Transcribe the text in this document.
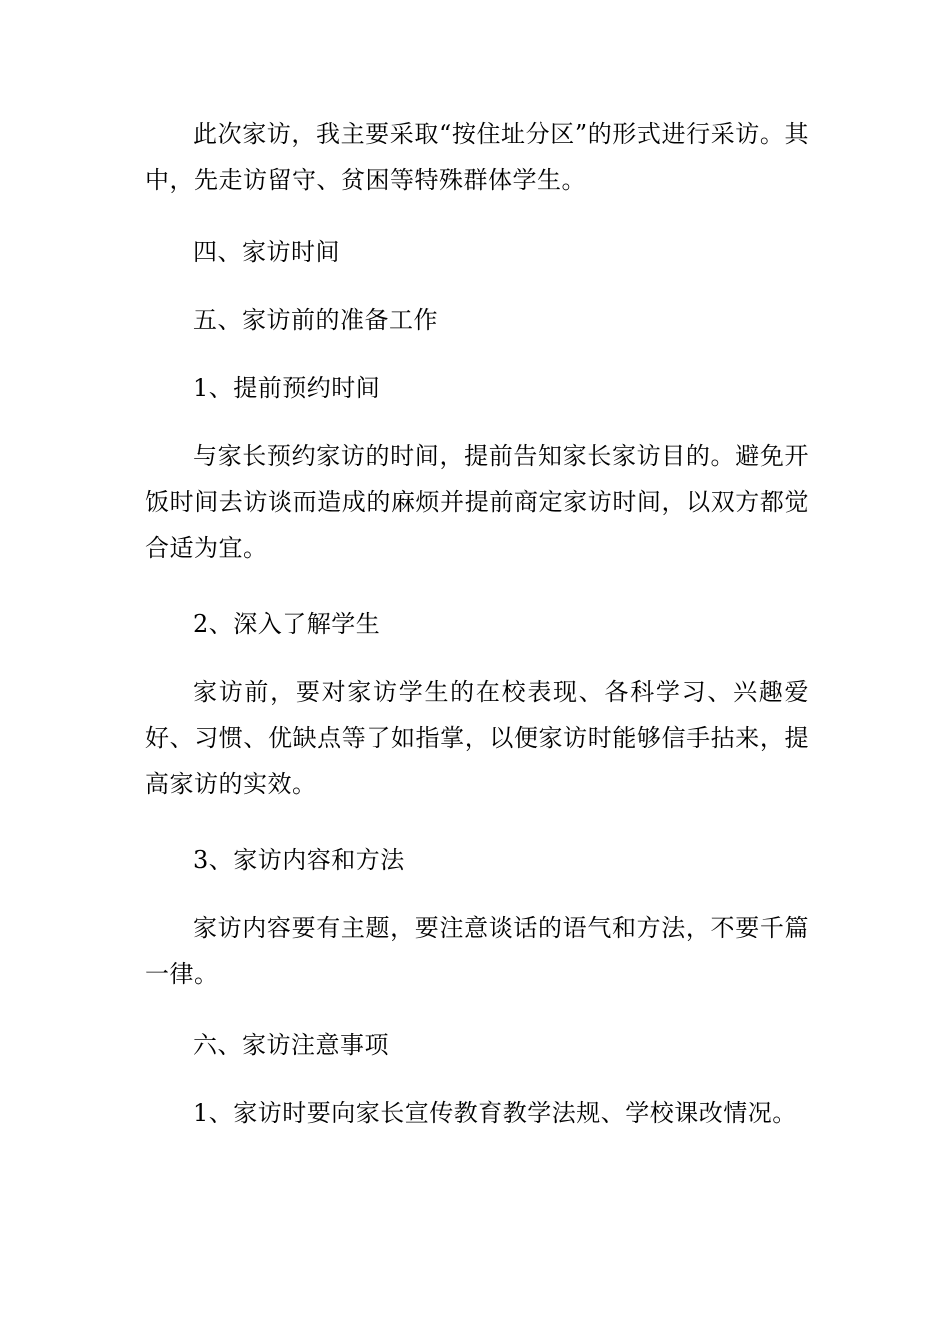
此次家访，我主要采取“按住址分区”的形式进行采访。其中，先走访留守、贫困等特殊群体学生。

四、家访时间

五、家访前的准备工作

1、提前预约时间

与家长预约家访的时间，提前告知家长家访目的。避免开饭时间去访谈而造成的麻烦并提前商定家访时间，以双方都觉合适为宜。

2、深入了解学生

家访前，要对家访学生的在校表现、各科学习、兴趣爱好、习惯、优缺点等了如指掌，以便家访时能够信手拈来，提高家访的实效。

3、家访内容和方法

家访内容要有主题，要注意谈话的语气和方法，不要千篇一律。

六、家访注意事项

1、家访时要向家长宣传教育教学法规、学校课改情况。
